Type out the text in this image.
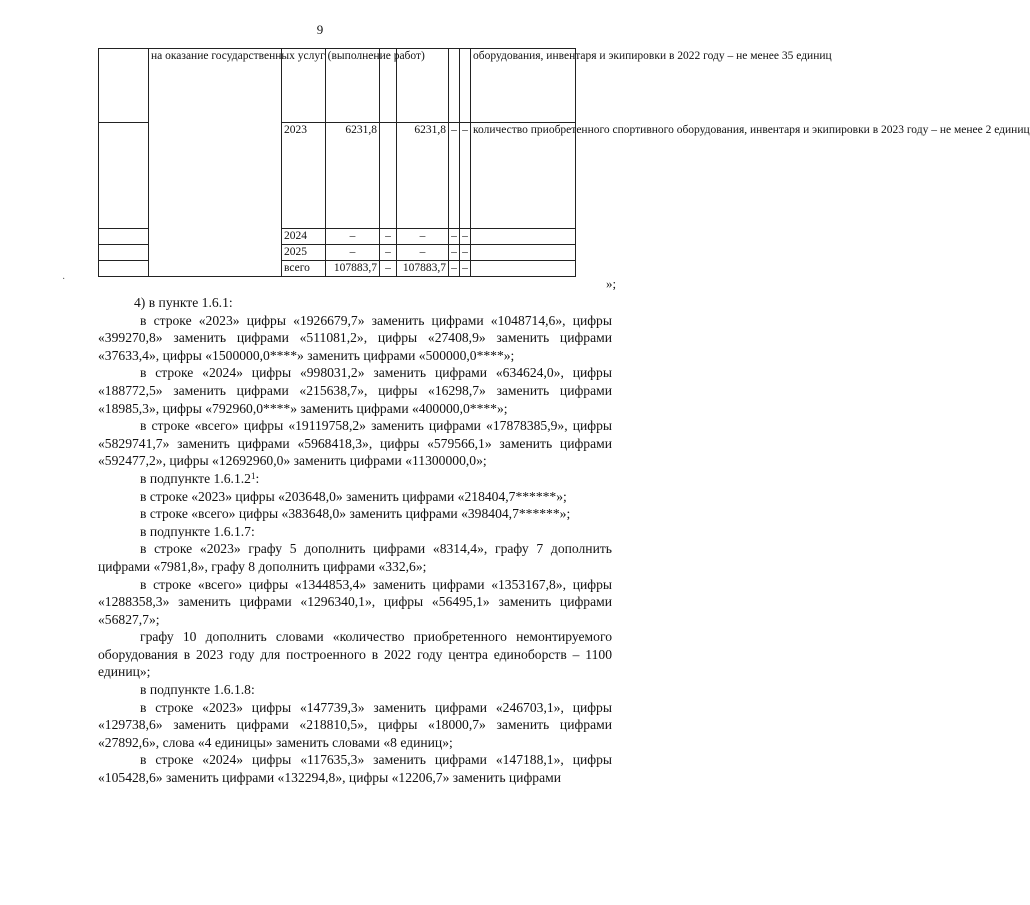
9
	на оказание государственных услуг (выполнение работ)								оборудования, инвентаря и экипировки в 2022 году – не менее 35 единиц
		2023	6231,8		6231,8	–	–	количество приобретенного спортивного оборудования, инвентаря и экипировки в 2023 году – не менее 2 единиц
		2024	–	–	–	–	–	
		2025	–	–	–	–	–	
		всего	107883,7	–	107883,7	–	–	
·	»;

4) в пункте 1.6.1:

в строке «2023» цифры «1926679,7» заменить цифрами «1048714,6», цифры «399270,8» заменить цифрами «511081,2», цифры «27408,9» заменить цифрами «37633,4», цифры «1500000,0****» заменить цифрами «500000,0****»;

в строке «2024» цифры «998031,2» заменить цифрами «634624,0», цифры «188772,5» заменить цифрами «215638,7», цифры «16298,7» заменить цифрами «18985,3», цифры «792960,0****» заменить цифрами «400000,0****»;

в строке «всего» цифры «19119758,2» заменить цифрами «17878385,9», цифры «5829741,7» заменить цифрами «5968418,3», цифры «579566,1» заменить цифрами «592477,2», цифры «12692960,0» заменить цифрами «11300000,0»;

в подпункте 1.6.1.2$^1$:

в строке «2023» цифры «203648,0» заменить цифрами «218404,7******»;

в строке «всего» цифры «383648,0» заменить цифрами «398404,7******»;

в подпункте 1.6.1.7:

в строке «2023» графу 5 дополнить цифрами «8314,4», графу 7 дополнить цифрами «7981,8», графу 8 дополнить цифрами «332,6»;

в строке «всего» цифры «1344853,4» заменить цифрами «1353167,8», цифры «1288358,3» заменить цифрами «1296340,1», цифры «56495,1» заменить цифрами «56827,7»;

графу 10 дополнить словами «количество приобретенного немонтируемого оборудования в 2023 году для построенного в 2022 году центра единоборств – 1100 единиц»;

в подпункте 1.6.1.8:

в строке «2023» цифры «147739,3» заменить цифрами «246703,1», цифры «129738,6» заменить цифрами «218810,5», цифры «18000,7» заменить цифрами «27892,6», слова «4 единицы» заменить словами «8 единиц»;

в строке «2024» цифры «117635,3» заменить цифрами «147188,1», цифры «105428,6» заменить цифрами «132294,8», цифры «12206,7» заменить цифрами
